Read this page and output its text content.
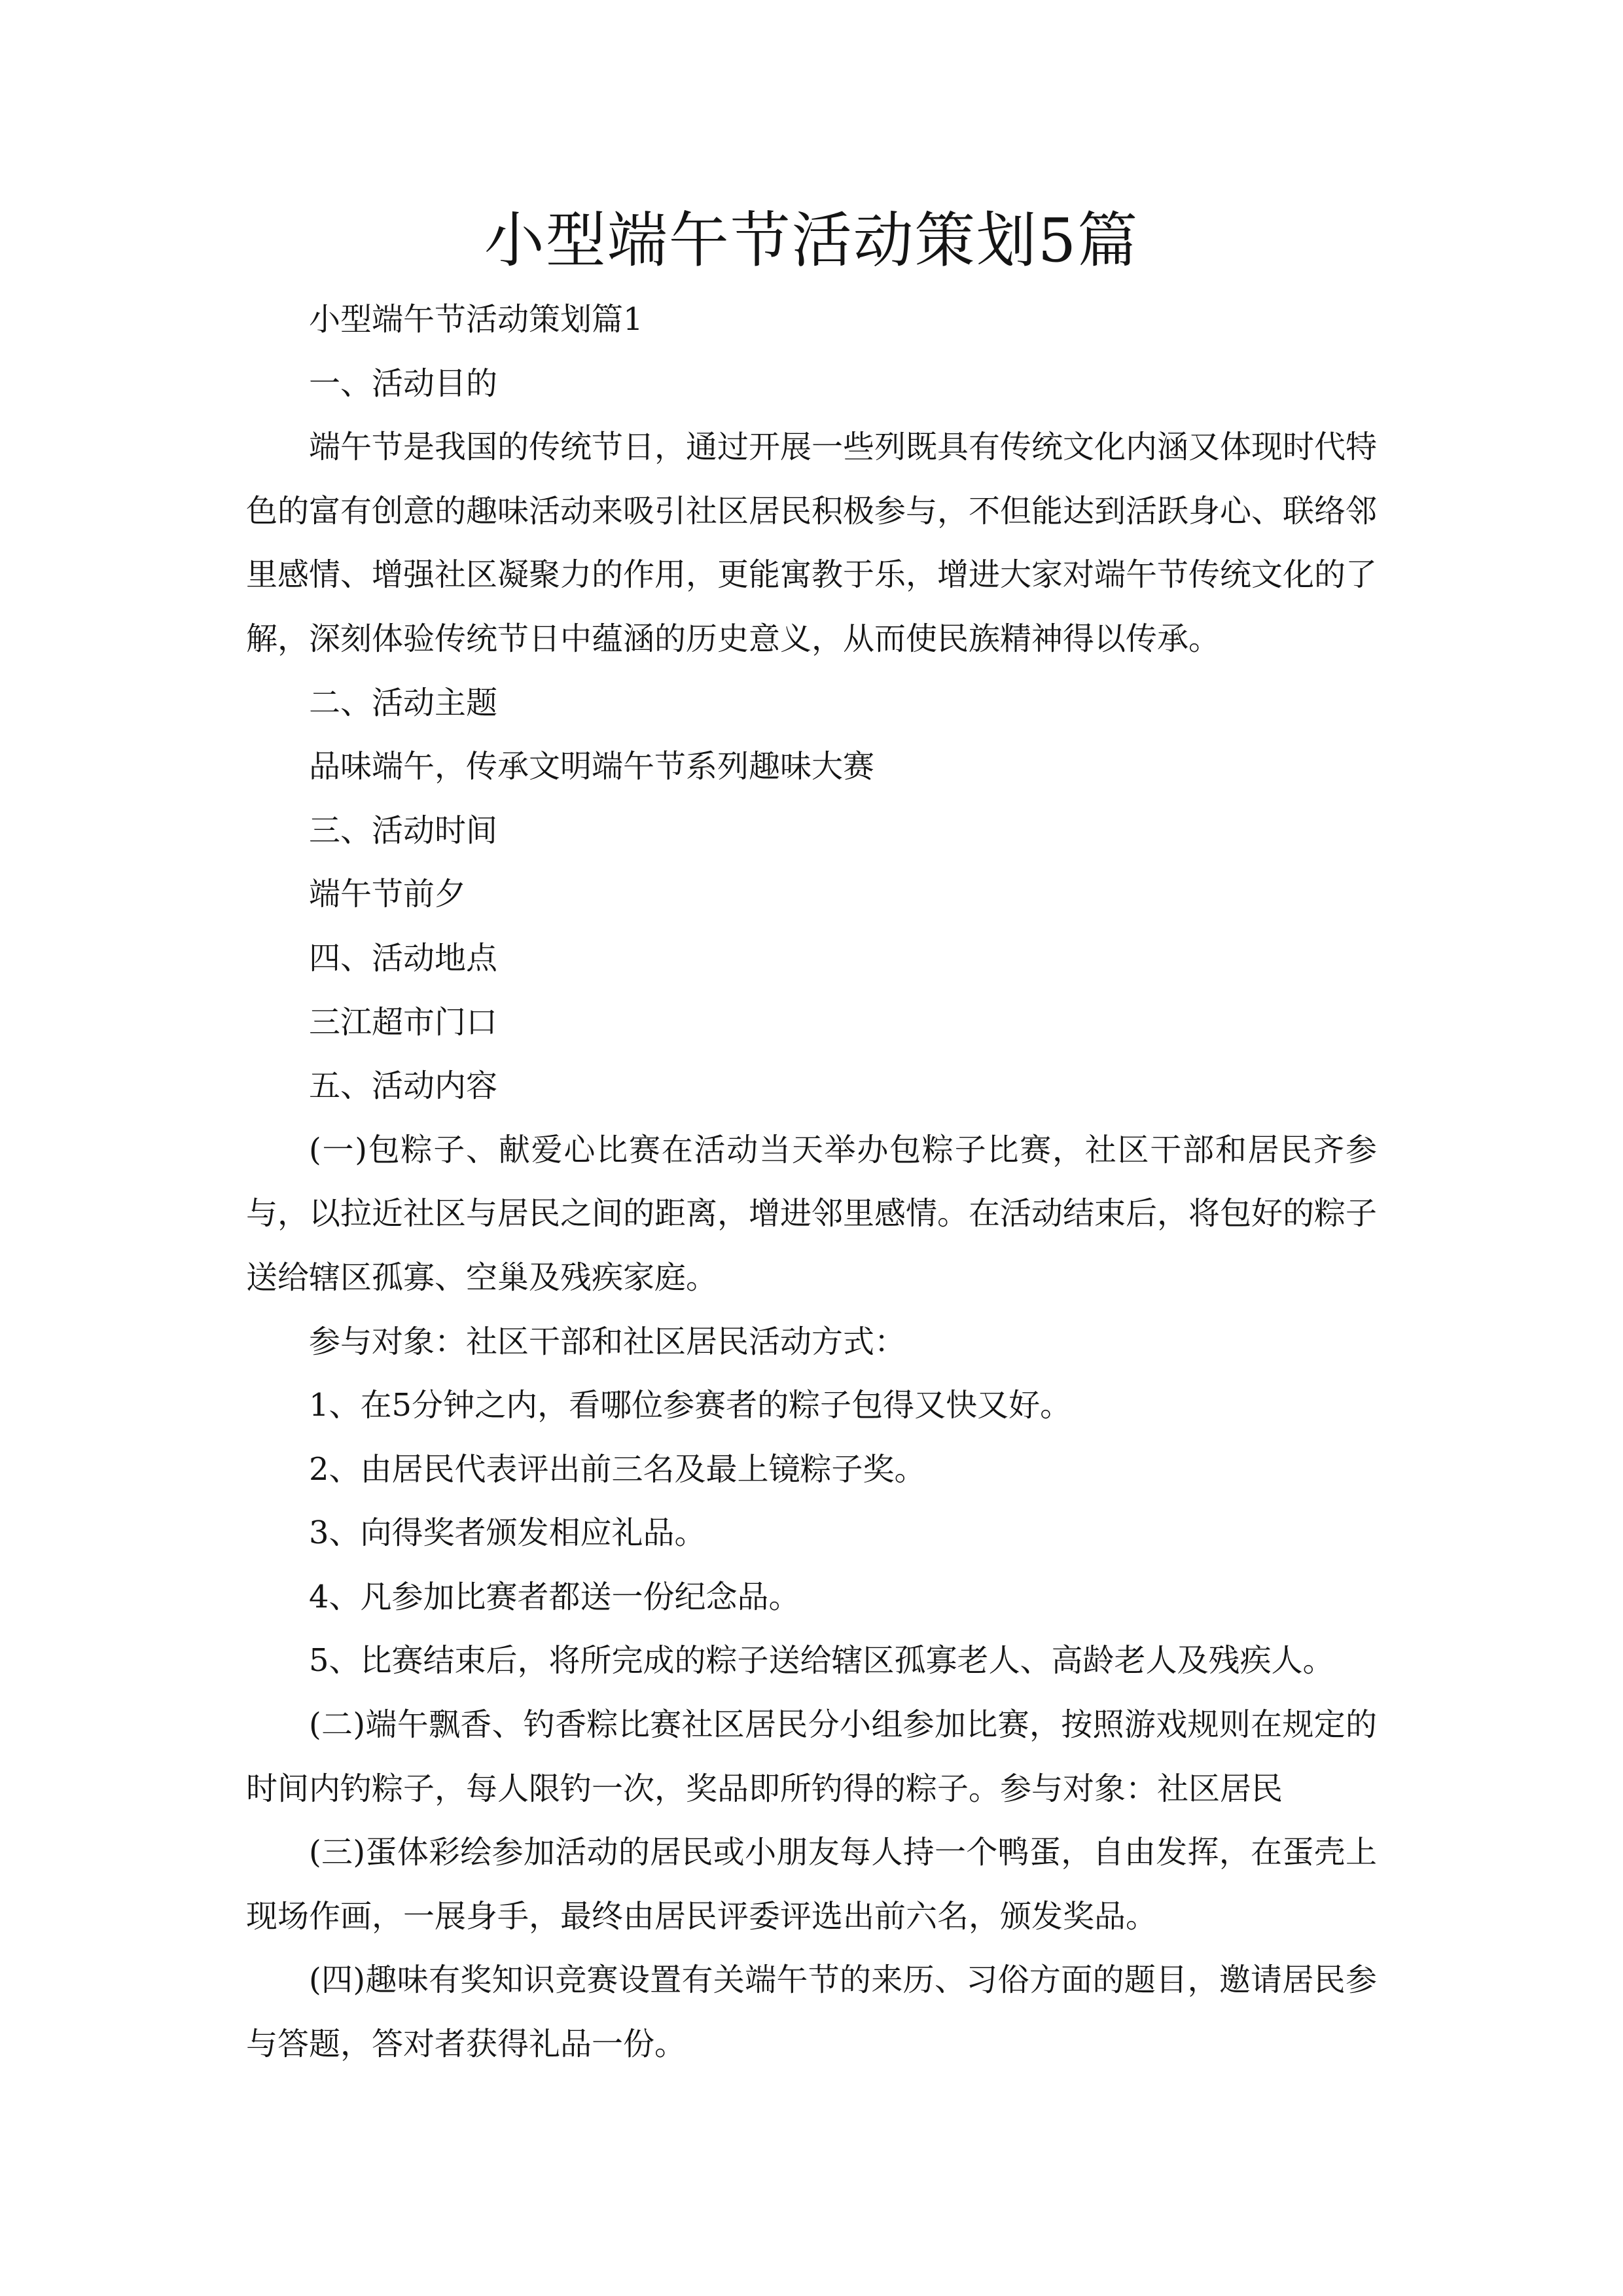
小型端午节活动策划5篇

小型端午节活动策划篇1

一、活动目的

端午节是我国的传统节日，通过开展一些列既具有传统文化内涵又体现时代特色的富有创意的趣味活动来吸引社区居民积极参与，不但能达到活跃身心、联络邻里感情、增强社区凝聚力的作用，更能寓教于乐，增进大家对端午节传统文化的了解，深刻体验传统节日中蕴涵的历史意义，从而使民族精神得以传承。

二、活动主题

品味端午，传承文明端午节系列趣味大赛

三、活动时间

端午节前夕

四、活动地点

三江超市门口

五、活动内容

(一)包粽子、献爱心比赛在活动当天举办包粽子比赛，社区干部和居民齐参与，以拉近社区与居民之间的距离，增进邻里感情。在活动结束后，将包好的粽子送给辖区孤寡、空巢及残疾家庭。

参与对象：社区干部和社区居民活动方式：

1、在5分钟之内，看哪位参赛者的粽子包得又快又好。

2、由居民代表评出前三名及最上镜粽子奖。

3、向得奖者颁发相应礼品。

4、凡参加比赛者都送一份纪念品。

5、比赛结束后，将所完成的粽子送给辖区孤寡老人、高龄老人及残疾人。

(二)端午飘香、钓香粽比赛社区居民分小组参加比赛，按照游戏规则在规定的时间内钓粽子，每人限钓一次，奖品即所钓得的粽子。参与对象：社区居民

(三)蛋体彩绘参加活动的居民或小朋友每人持一个鸭蛋，自由发挥，在蛋壳上现场作画，一展身手，最终由居民评委评选出前六名，颁发奖品。

(四)趣味有奖知识竞赛设置有关端午节的来历、习俗方面的题目，邀请居民参与答题，答对者获得礼品一份。
